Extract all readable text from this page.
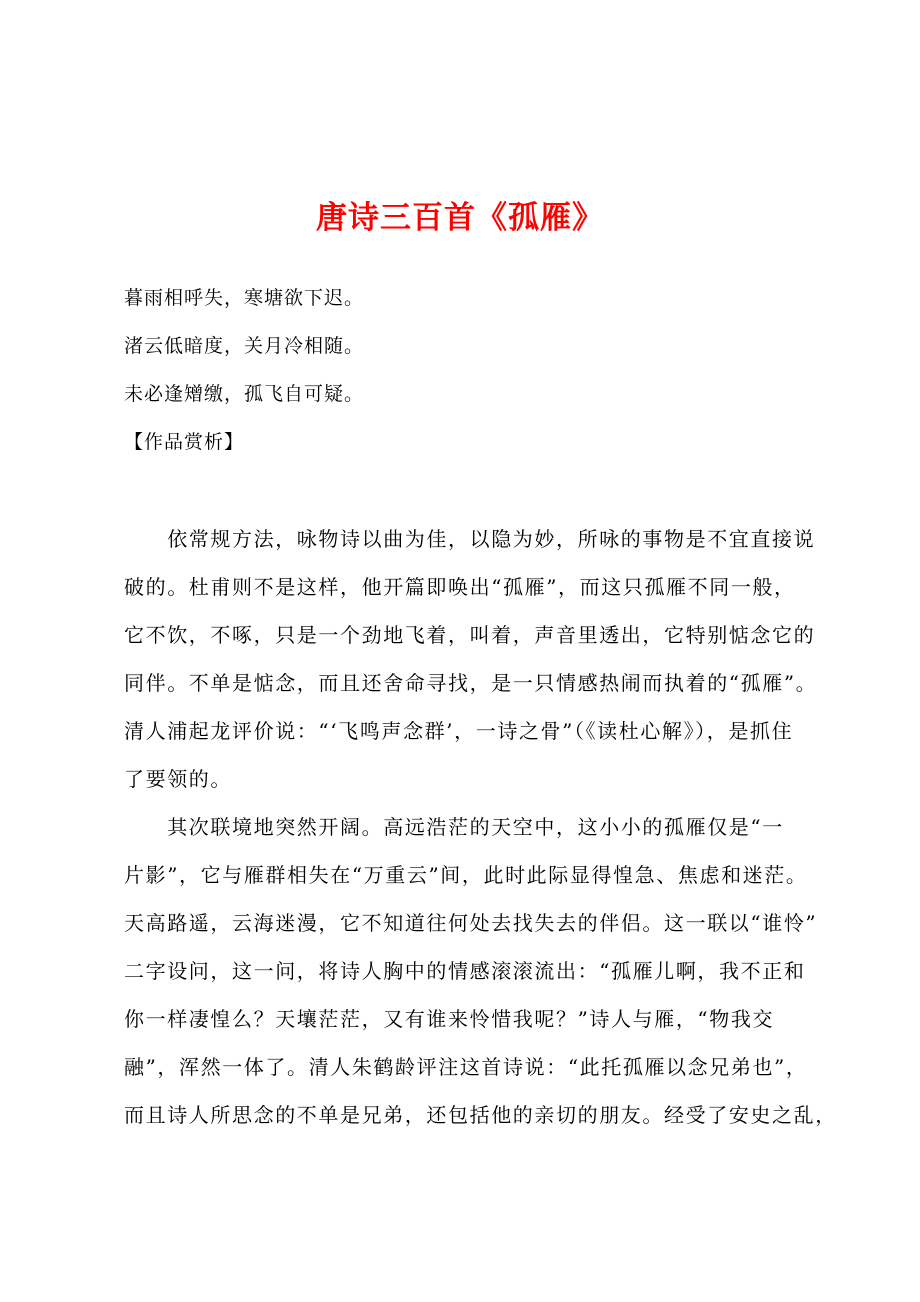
唐诗三百首《孤雁》
暮雨相呼失，寒塘欲下迟。
渚云低暗度，关月冷相随。
未必逢矰缴，孤飞自可疑。
【作品赏析】
　　依常规方法，咏物诗以曲为佳，以隐为妙，所咏的事物是不宜直接说
破的。杜甫则不是这样，他开篇即唤出“孤雁”，而这只孤雁不同一般，
它不饮，不啄，只是一个劲地飞着，叫着，声音里透出，它特别惦念它的
同伴。不单是惦念，而且还舍命寻找，是一只情感热闹而执着的“孤雁”。
清人浦起龙评价说：“‘飞鸣声念群’，一诗之骨”（《读杜心解》），是抓住
了要领的。
　　其次联境地突然开阔。高远浩茫的天空中，这小小的孤雁仅是“一
片影”，它与雁群相失在“万重云”间，此时此际显得惶急、焦虑和迷茫。
天高路遥，云海迷漫，它不知道往何处去找失去的伴侣。这一联以“谁怜”
二字设问，这一问，将诗人胸中的情感滚滚流出：“孤雁儿啊，我不正和
你一样凄惶么？天壤茫茫，又有谁来怜惜我呢？”诗人与雁，“物我交
融”，浑然一体了。清人朱鹤龄评注这首诗说：“此托孤雁以念兄弟也”，
而且诗人所思念的不单是兄弟，还包括他的亲切的朋友。经受了安史之乱，
